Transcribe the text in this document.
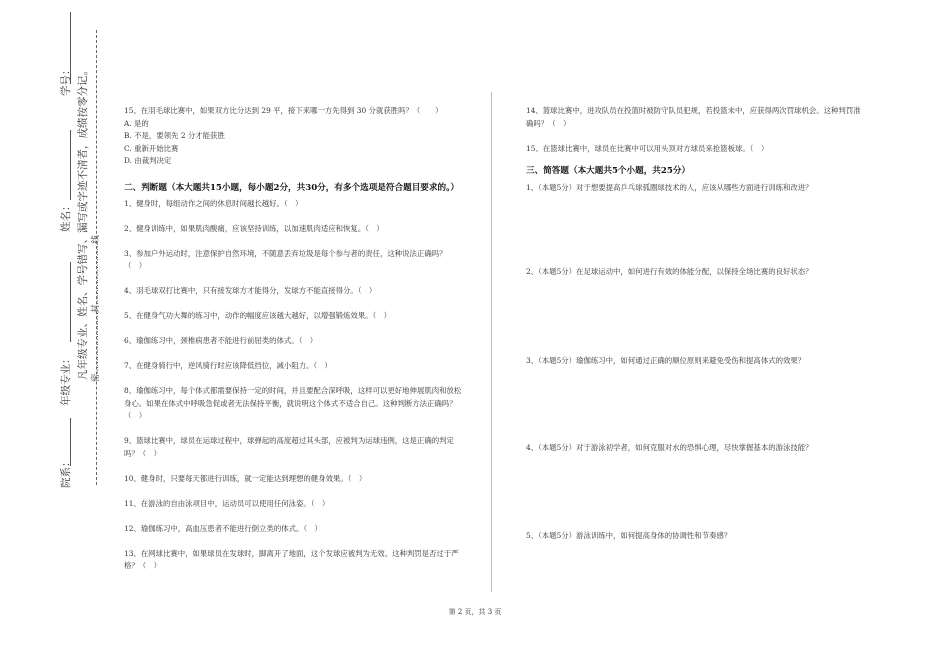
学号：
姓名：
年级专业：
院系：
凡年级专业、姓名、学号错写、漏写或字迹不清者，成绩按零分记。 密……………………封……………………线

15、在羽毛球比赛中，如果双方比分达到 29 平，接下来哪一方先得到 30 分就获胜吗？（　　）

A. 是的

B. 不是，要领先 2 分才能获胜

C. 重新开始比赛

D. 由裁判决定

二、判断题（本大题共15小题，每小题2分，共30分，有多个选项是符合题目要求的。）

1、健身时，每组动作之间的休息时间越长越好。（　）

2、健身训练中，如果肌肉酸痛，应该坚持训练，以加速肌肉适应和恢复。（　）

3、参加户外运动时，注意保护自然环境，不随意丢弃垃圾是每个参与者的责任，这种说法正确吗？（　）

4、羽毛球双打比赛中，只有接发球方才能得分，发球方不能直接得分。（　）

5、在健身气功大舞的练习中，动作的幅度应该越大越好，以增强锻炼效果。（　）

6、瑜伽练习中，颈椎病患者不能进行前屈类的体式。（　）

7、在健身骑行中，逆风骑行时应该降低挡位，减小阻力。（　）

8、瑜伽练习中，每个体式都需要保持一定的时间，并且要配合深呼吸，这样可以更好地伸展肌肉和放松身心。如果在体式中呼吸急促或者无法保持平衡，就说明这个体式不适合自己。这种判断方法正确吗？（　）

9、篮球比赛中，球员在运球过程中，球弹起的高度超过其头部，应被判为运球违例，这是正确的判定吗？（　）

10、健身时，只要每天都进行训练，就一定能达到理想的健身效果。（　）

11、在游泳的自由泳项目中，运动员可以使用任何泳姿。（　）

12、瑜伽练习中，高血压患者不能进行倒立类的体式。（　）

13、在网球比赛中，如果球员在发球时，脚离开了地面，这个发球应被判为无效。这种判罚是否过于严格？（　）

14、篮球比赛中，进攻队员在投篮时被防守队员犯规，若投篮未中，应获得两次罚球机会。这种判罚准确吗？（　）

15、在篮球比赛中，球员在比赛中可以用头顶对方球员来抢篮板球。（　）

三、简答题（本大题共5个小题，共25分）

1、（本题5分）对于想要提高乒乓球弧圈球技术的人，应该从哪些方面进行训练和改进？

2、（本题5分）在足球运动中，如何进行有效的体能分配，以保持全场比赛的良好状态？

3、（本题5分）瑜伽练习中，如何通过正确的顺位原则来避免受伤和提高体式的效果？

4、（本题5分）对于游泳初学者，如何克服对水的恐惧心理，尽快掌握基本的游泳技能？

5、（本题5分）游泳训练中，如何提高身体的协调性和节奏感？

第 2 页，共 3 页
